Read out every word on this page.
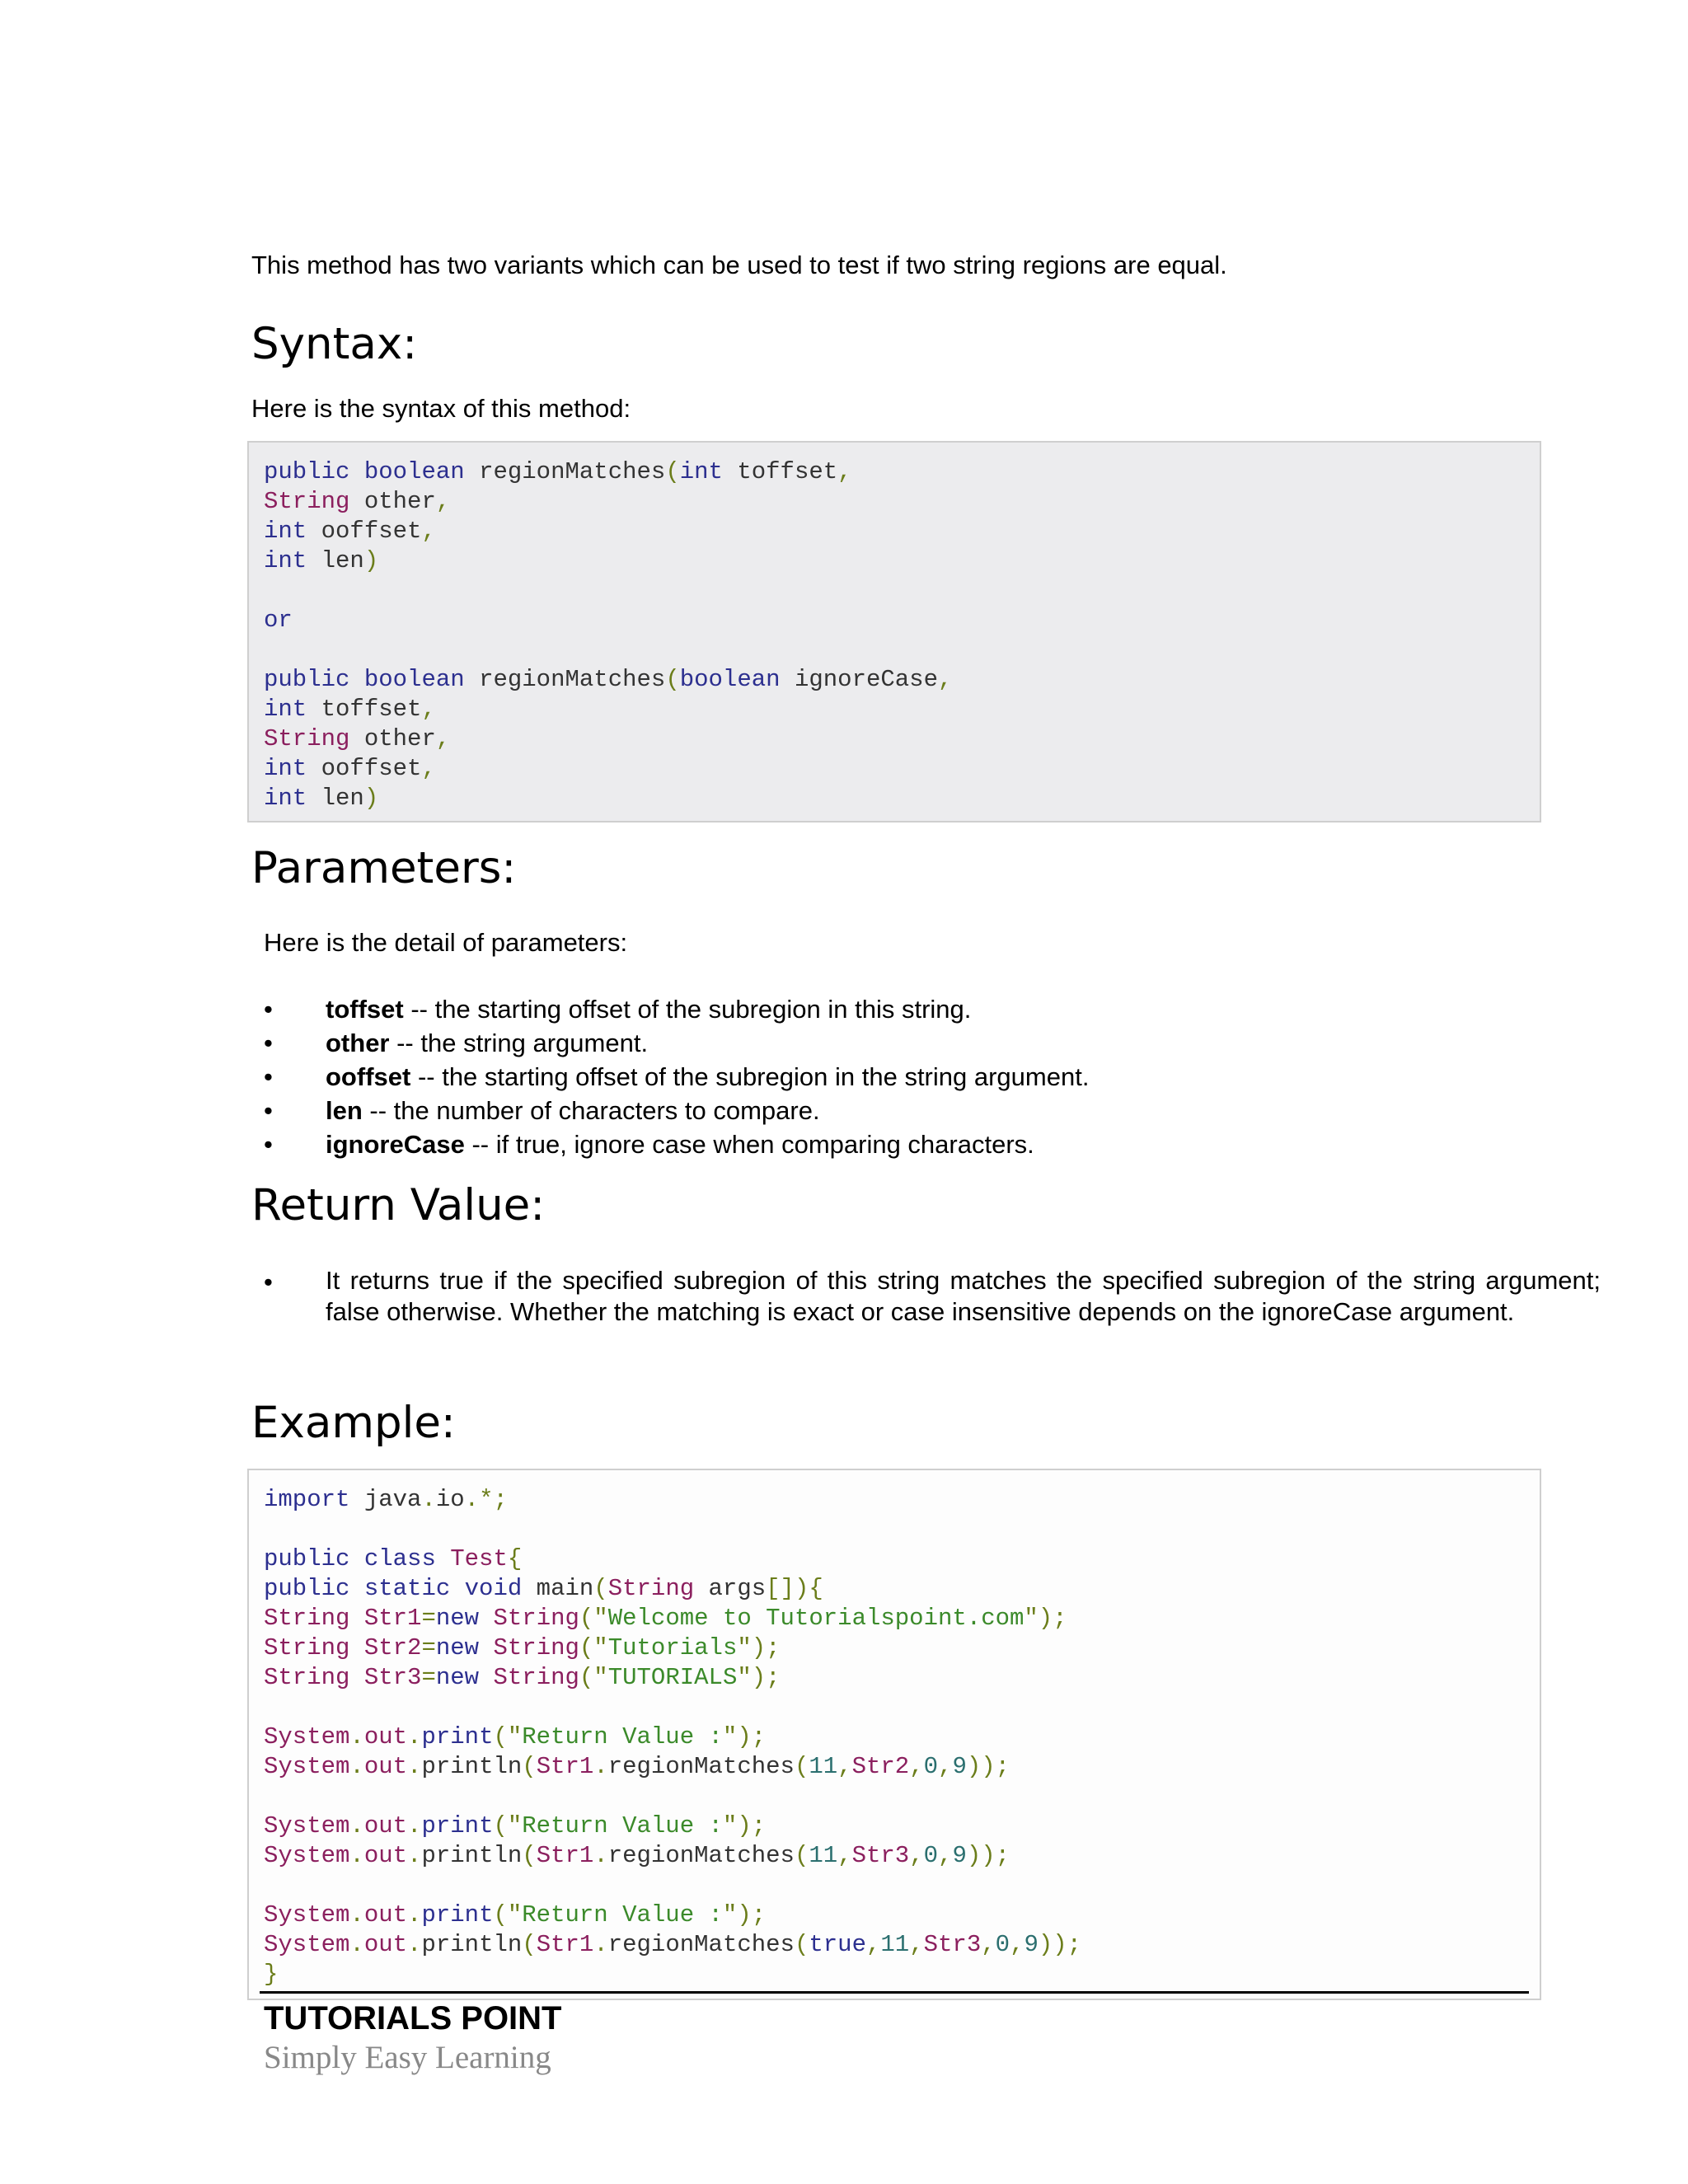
This method has two variants which can be used to test if two string regions are equal.

Syntax:

Here is the syntax of this method:

public boolean regionMatches(int toffset,
String other,
int ooffset,
int len)
or
public boolean regionMatches(boolean ignoreCase,
int toffset,
String other,
int ooffset,
int len)
Parameters:

Here is the detail of parameters:

• toffset -- the starting offset of the subregion in this string.
• other -- the string argument.
• ooffset -- the starting offset of the subregion in the string argument.
• len -- the number of characters to compare.
• ignoreCase -- if true, ignore case when comparing characters.
Return Value:
• It returns true if the specified subregion of this string matches the specified subregion of the string argument; false otherwise. Whether the matching is exact or case insensitive depends on the ignoreCase argument.
Example:
import java.io.*;
public class Test{
public static void main(String args[]){
String Str1=new String("Welcome to Tutorialspoint.com");
String Str2=new String("Tutorials");
String Str3=new String("TUTORIALS");
System.out.print("Return Value :");
System.out.println(Str1.regionMatches(11,Str2,0,9));
System.out.print("Return Value :");
System.out.println(Str1.regionMatches(11,Str3,0,9));
System.out.print("Return Value :");
System.out.println(Str1.regionMatches(true,11,Str3,0,9));
}

TUTORIALS POINT

Simply Easy Learning
